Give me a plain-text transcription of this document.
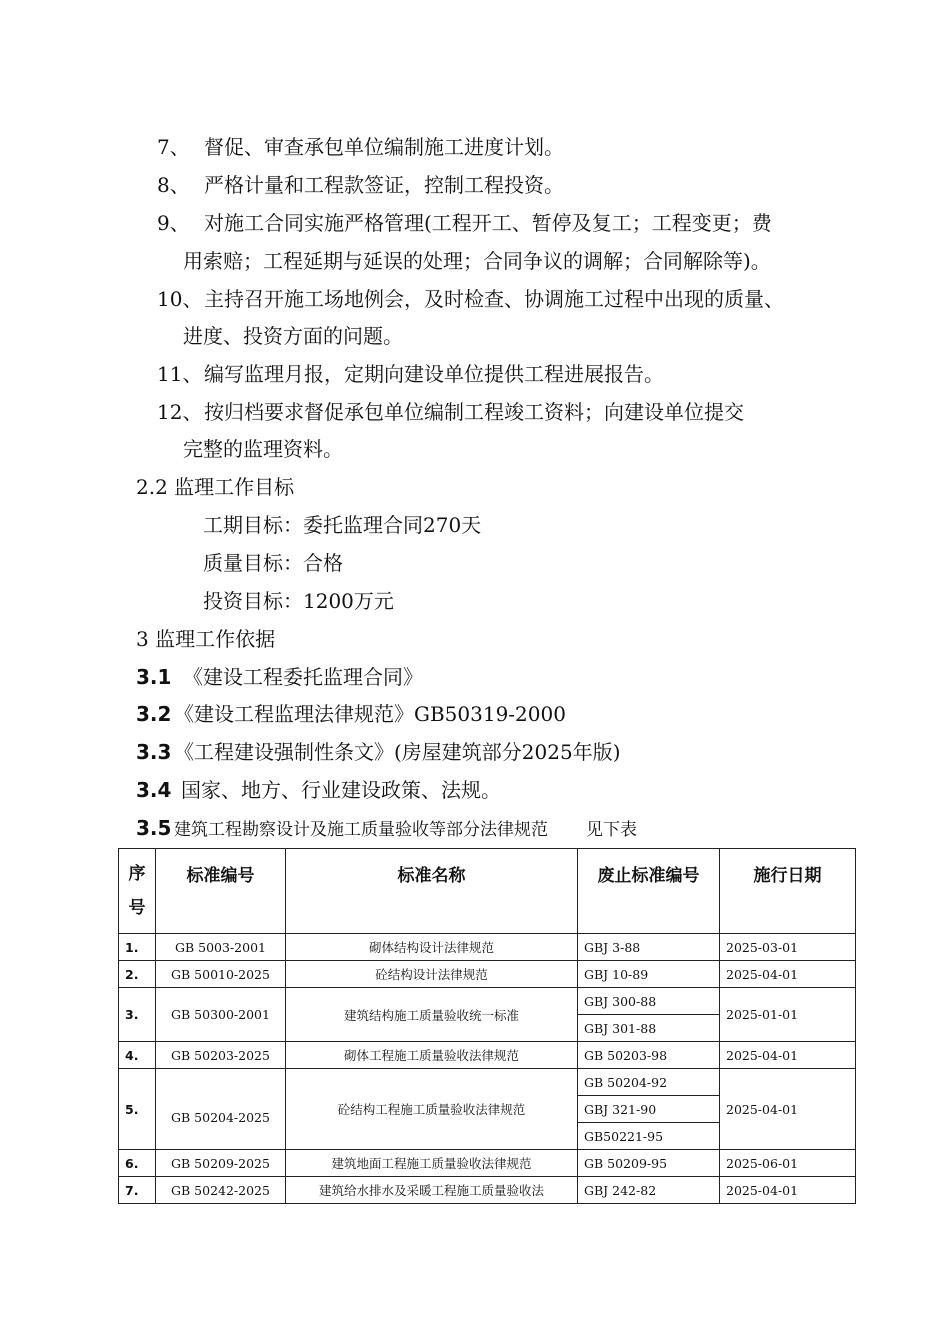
7、 督促、审查承包单位编制施工进度计划。
8、 严格计量和工程款签证，控制工程投资。
9、 对施工合同实施严格管理(工程开工、暂停及复工；工程变更；费
用索赔；工程延期与延误的处理；合同争议的调解；合同解除等)。
10、主持召开施工场地例会，及时检查、协调施工过程中出现的质量、
进度、投资方面的问题。
11、编写监理月报，定期向建设单位提供工程进展报告。
12、按归档要求督促承包单位编制工程竣工资料；向建设单位提交
完整的监理资料。
2.2 监理工作目标
工期目标：委托监理合同270天
质量目标：合格
投资目标：1200万元
3 监理工作依据
3.1 《建设工程委托监理合同》
3.2 《建设工程监理法律规范》GB50319-2000
3.3 《工程建设强制性条文》(房屋建筑部分2025年版)
3.4 国家、地方、行业建设政策、法规。
3.5 建筑工程勘察设计及施工质量验收等部分法律规范 见下表
序
号	标准编号	标准名称	废止标准编号	施行日期
1.	GB 5003-2001	砌体结构设计法律规范	GBJ 3-88	2025-03-01
2.	GB 50010-2025	砼结构设计法律规范	GBJ 10-89	2025-04-01
3.	GB 50300-2001	建筑结构施工质量验收统一标准	GBJ 300-88	2025-01-01
			GBJ 301-88	
4.	GB 50203-2025	砌体工程施工质量验收法律规范	GB 50203-98	2025-04-01
5.	GB 50204-2025	砼结构工程施工质量验收法律规范	GB 50204-92	2025-04-01
			GBJ 321-90	
			GB50221-95	
6.	GB 50209-2025	建筑地面工程施工质量验收法律规范	GB 50209-95	2025-06-01
7.	GB 50242-2025	建筑给水排水及采暖工程施工质量验收法	GBJ 242-82	2025-04-01
